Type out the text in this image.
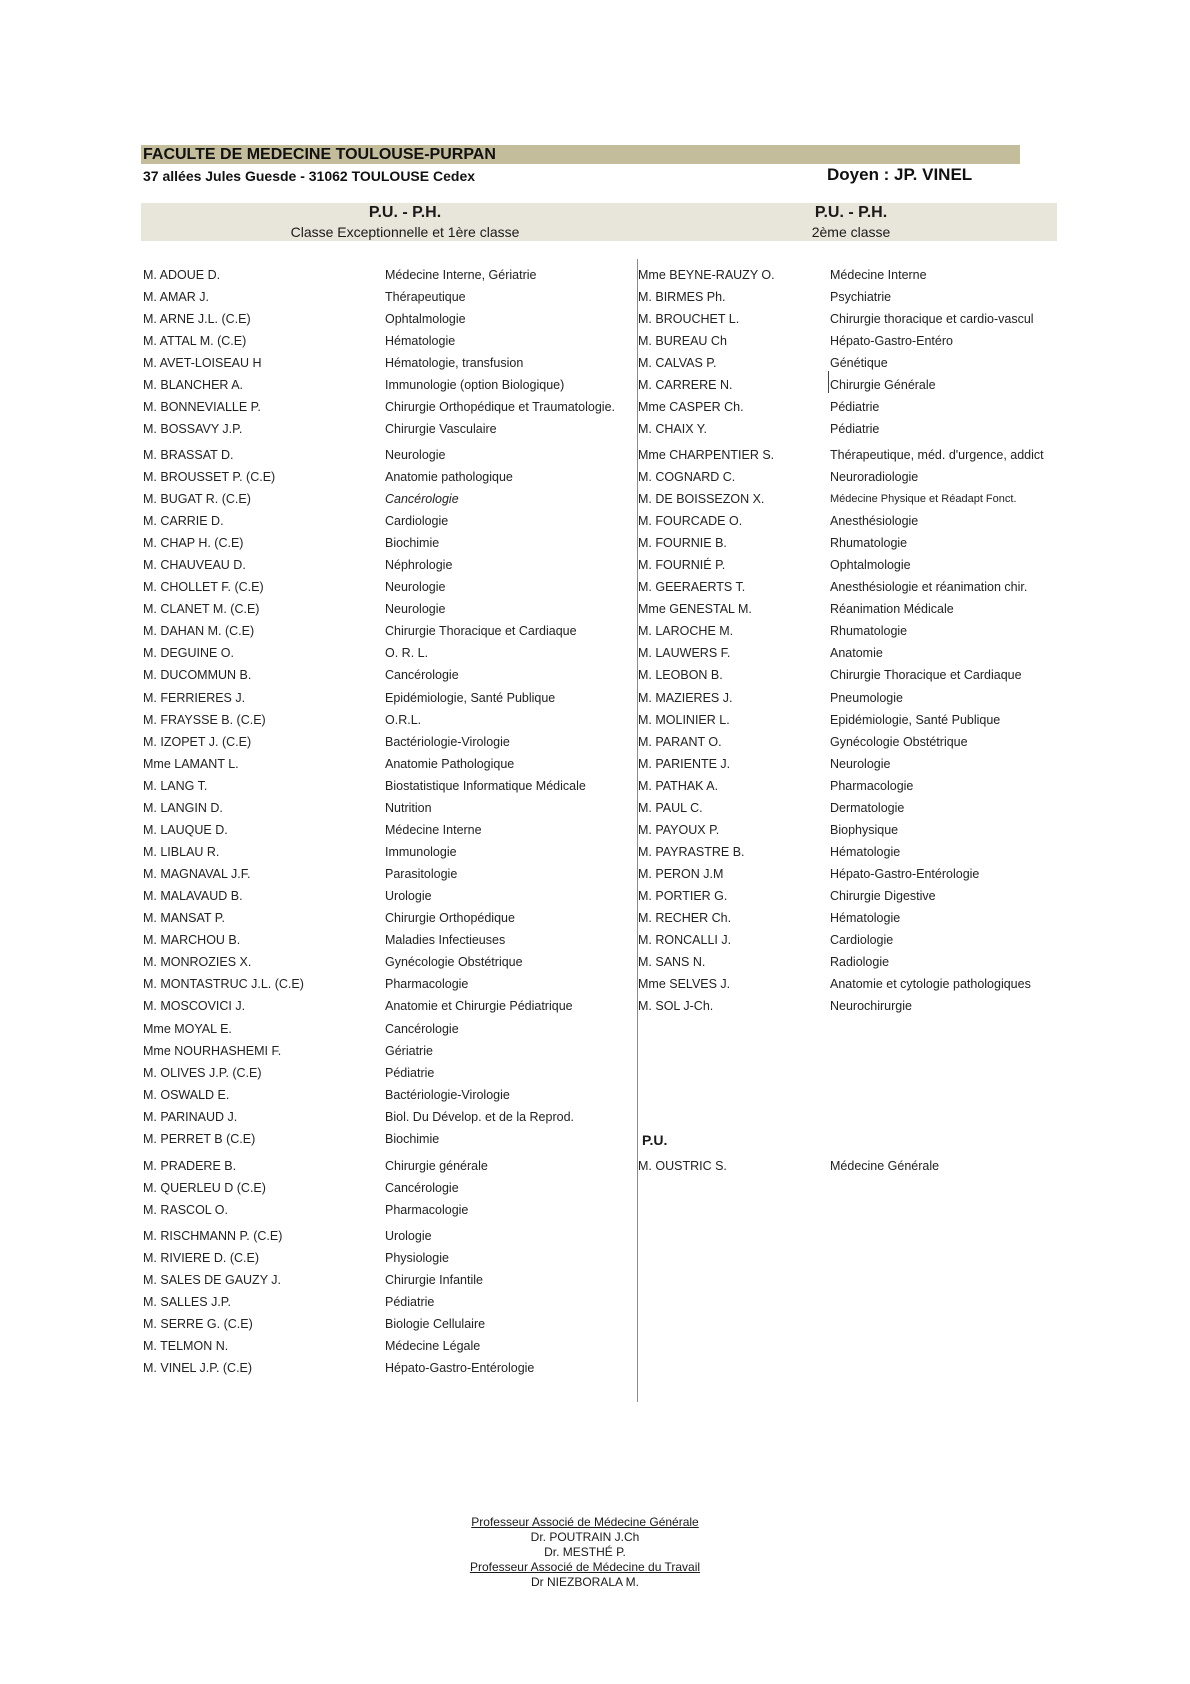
FACULTE DE MEDECINE TOULOUSE-PURPAN
37 allées Jules Guesde - 31062 TOULOUSE Cedex	Doyen : JP. VINEL
P.U. - P.H.
Classe Exceptionnelle et 1ère classe
P.U. - P.H.
2ème classe
M. ADOUE D.	Médecine Interne, Gériatrie
M. AMAR J.	Thérapeutique
M. ARNE J.L. (C.E)	Ophtalmologie
M. ATTAL M. (C.E)	Hématologie
M. AVET-LOISEAU H	Hématologie, transfusion
M. BLANCHER A.	Immunologie (option Biologique)
M. BONNEVIALLE P.	Chirurgie Orthopédique et Traumatologie.
M. BOSSAVY J.P.	Chirurgie Vasculaire
M. BRASSAT D.	Neurologie
M. BROUSSET P. (C.E)	Anatomie pathologique
M. BUGAT R. (C.E)	Cancérologie
M. CARRIE D.	Cardiologie
M. CHAP H. (C.E)	Biochimie
M. CHAUVEAU D.	Néphrologie
M. CHOLLET F. (C.E)	Neurologie
M. CLANET M. (C.E)	Neurologie
M. DAHAN M. (C.E)	Chirurgie Thoracique et Cardiaque
M. DEGUINE O.	O. R. L.
M. DUCOMMUN B.	Cancérologie
M. FERRIERES J.	Epidémiologie, Santé Publique
M. FRAYSSE B. (C.E)	O.R.L.
M. IZOPET J. (C.E)	Bactériologie-Virologie
Mme LAMANT L.	Anatomie Pathologique
M. LANG T.	Biostatistique Informatique Médicale
M. LANGIN D.	Nutrition
M. LAUQUE D.	Médecine Interne
M. LIBLAU R.	Immunologie
M. MAGNAVAL J.F.	Parasitologie
M. MALAVAUD B.	Urologie
M. MANSAT P.	Chirurgie Orthopédique
M. MARCHOU B.	Maladies Infectieuses
M. MONROZIES X.	Gynécologie Obstétrique
M. MONTASTRUC J.L. (C.E)	Pharmacologie
M. MOSCOVICI J.	Anatomie et Chirurgie Pédiatrique
Mme MOYAL E.	Cancérologie
Mme NOURHASHEMI F.	Gériatrie
M. OLIVES J.P. (C.E)	Pédiatrie
M. OSWALD E.	Bactériologie-Virologie
M. PARINAUD J.	Biol. Du Dévelop. et de la Reprod.
M. PERRET B (C.E)	Biochimie
M. PRADERE B.	Chirurgie générale
M. QUERLEU D (C.E)	Cancérologie
M. RASCOL O.	Pharmacologie
M. RISCHMANN P. (C.E)	Urologie
M. RIVIERE D. (C.E)	Physiologie
M. SALES DE GAUZY J.	Chirurgie Infantile
M. SALLES J.P.	Pédiatrie
M. SERRE G. (C.E)	Biologie Cellulaire
M. TELMON N.	Médecine Légale
M. VINEL J.P. (C.E)	Hépato-Gastro-Entérologie
Mme BEYNE-RAUZY O.	Médecine Interne
M. BIRMES Ph.	Psychiatrie
M. BROUCHET L.	Chirurgie thoracique et cardio-vascul
M. BUREAU Ch	Hépato-Gastro-Entéro
M. CALVAS P.	Génétique
M. CARRERE N.	Chirurgie Générale
Mme CASPER Ch.	Pédiatrie
M. CHAIX Y.	Pédiatrie
Mme CHARPENTIER S.	Thérapeutique, méd. d'urgence, addict
M. COGNARD C.	Neuroradiologie
M. DE BOISSEZON X.	Médecine Physique et Réadapt Fonct.
M. FOURCADE O.	Anesthésiologie
M. FOURNIE B.	Rhumatologie
M. FOURNIÉ P.	Ophtalmologie
M. GEERAERTS T.	Anesthésiologie et réanimation chir.
Mme GENESTAL M.	Réanimation Médicale
M. LAROCHE M.	Rhumatologie
M. LAUWERS F.	Anatomie
M. LEOBON B.	Chirurgie Thoracique et Cardiaque
M. MAZIERES J.	Pneumologie
M. MOLINIER L.	Epidémiologie, Santé Publique
M. PARANT O.	Gynécologie Obstétrique
M. PARIENTE J.	Neurologie
M. PATHAK A.	Pharmacologie
M. PAUL C.	Dermatologie
M. PAYOUX P.	Biophysique
M. PAYRASTRE B.	Hématologie
M. PERON J.M	Hépato-Gastro-Entérologie
M. PORTIER G.	Chirurgie Digestive
M. RECHER Ch.	Hématologie
M. RONCALLI J.	Cardiologie
M. SANS N.	Radiologie
Mme SELVES J.	Anatomie et cytologie pathologiques
M. SOL J-Ch.	Neurochirurgie
P.U.
M. OUSTRIC S.	Médecine Générale
Professeur Associé de Médecine Générale
Dr. POUTRAIN J.Ch
Dr. MESTHÉ P.
Professeur Associé de Médecine du Travail
Dr NIEZBORALA M.
